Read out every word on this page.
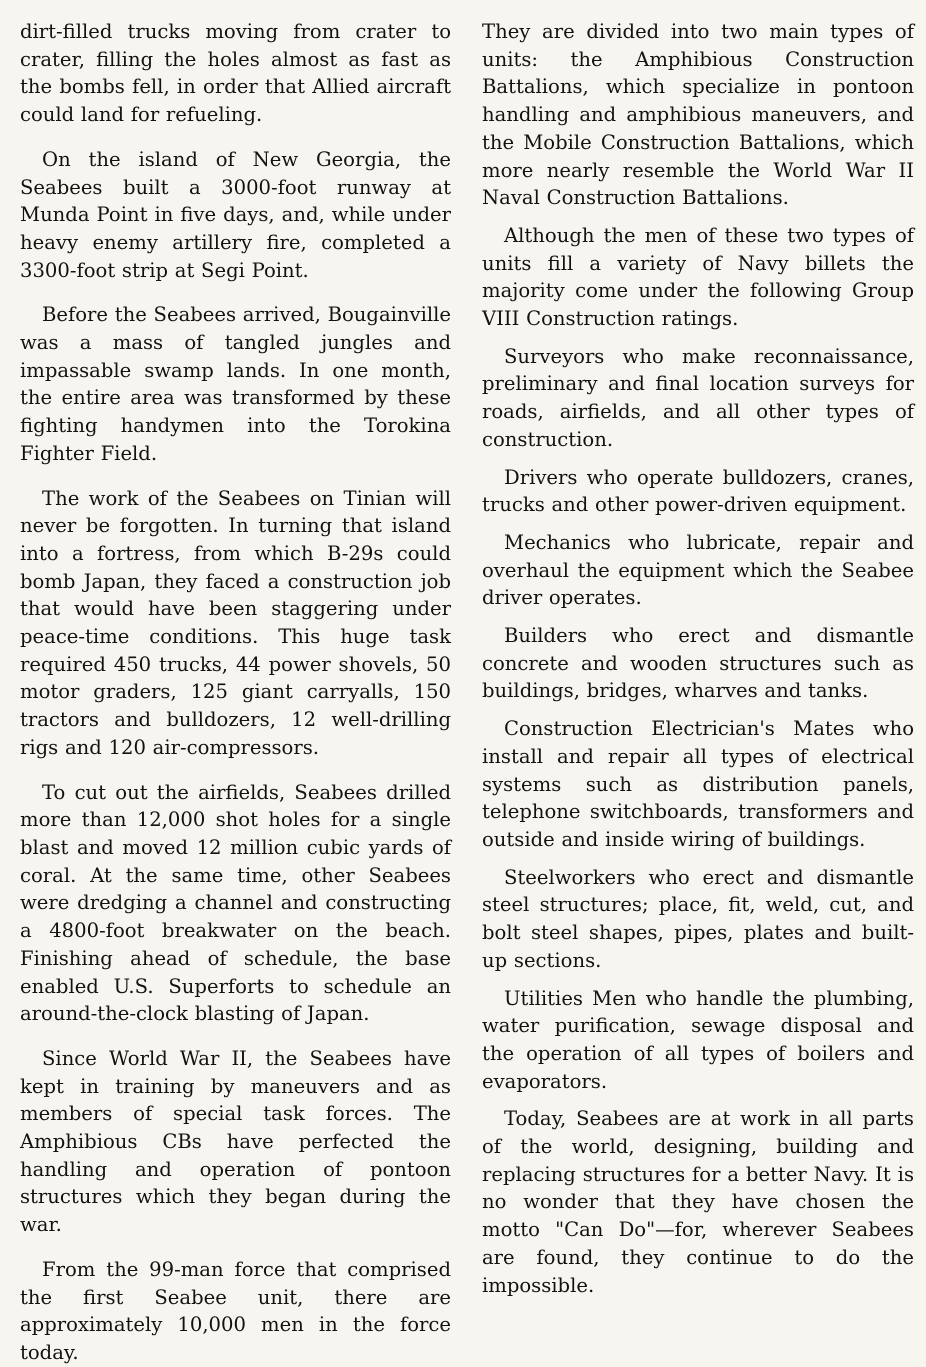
dirt-filled trucks moving from crater to crater, filling the holes almost as fast as the bombs fell, in order that Allied aircraft could land for refueling.

On the island of New Georgia, the Seabees built a 3000-foot runway at Munda Point in five days, and, while under heavy enemy artillery fire, completed a 3300-foot strip at Segi Point.

Before the Seabees arrived, Bougainville was a mass of tangled jungles and impassable swamp lands. In one month, the entire area was transformed by these fighting handymen into the Torokina Fighter Field.

The work of the Seabees on Tinian will never be forgotten. In turning that island into a fortress, from which B-29s could bomb Japan, they faced a construction job that would have been staggering under peace-time conditions. This huge task required 450 trucks, 44 power shovels, 50 motor graders, 125 giant carryalls, 150 tractors and bulldozers, 12 well-drilling rigs and 120 air-compressors.

To cut out the airfields, Seabees drilled more than 12,000 shot holes for a single blast and moved 12 million cubic yards of coral. At the same time, other Seabees were dredging a channel and constructing a 4800-foot breakwater on the beach. Finishing ahead of schedule, the base enabled U.S. Superforts to schedule an around-the-clock blasting of Japan.

Since World War II, the Seabees have kept in training by maneuvers and as members of special task forces. The Amphibious CBs have perfected the handling and operation of pontoon structures which they began during the war.

From the 99-man force that comprised the first Seabee unit, there are approximately 10,000 men in the force today.

They are divided into two main types of units: the Amphibious Construction Battalions, which specialize in pontoon handling and amphibious maneuvers, and the Mobile Construction Battalions, which more nearly resemble the World War II Naval Construction Battalions.

Although the men of these two types of units fill a variety of Navy billets the majority come under the following Group VIII Construction ratings.

Surveyors who make reconnaissance, preliminary and final location surveys for roads, airfields, and all other types of construction.

Drivers who operate bulldozers, cranes, trucks and other power-driven equipment.

Mechanics who lubricate, repair and overhaul the equipment which the Seabee driver operates.

Builders who erect and dismantle concrete and wooden structures such as buildings, bridges, wharves and tanks.

Construction Electrician's Mates who install and repair all types of electrical systems such as distribution panels, telephone switchboards, transformers and outside and inside wiring of buildings.

Steelworkers who erect and dismantle steel structures; place, fit, weld, cut, and bolt steel shapes, pipes, plates and built-up sections.

Utilities Men who handle the plumbing, water purification, sewage disposal and the operation of all types of boilers and evaporators.

Today, Seabees are at work in all parts of the world, designing, building and replacing structures for a better Navy. It is no wonder that they have chosen the motto "Can Do"—for, wherever Seabees are found, they continue to do the impossible.
